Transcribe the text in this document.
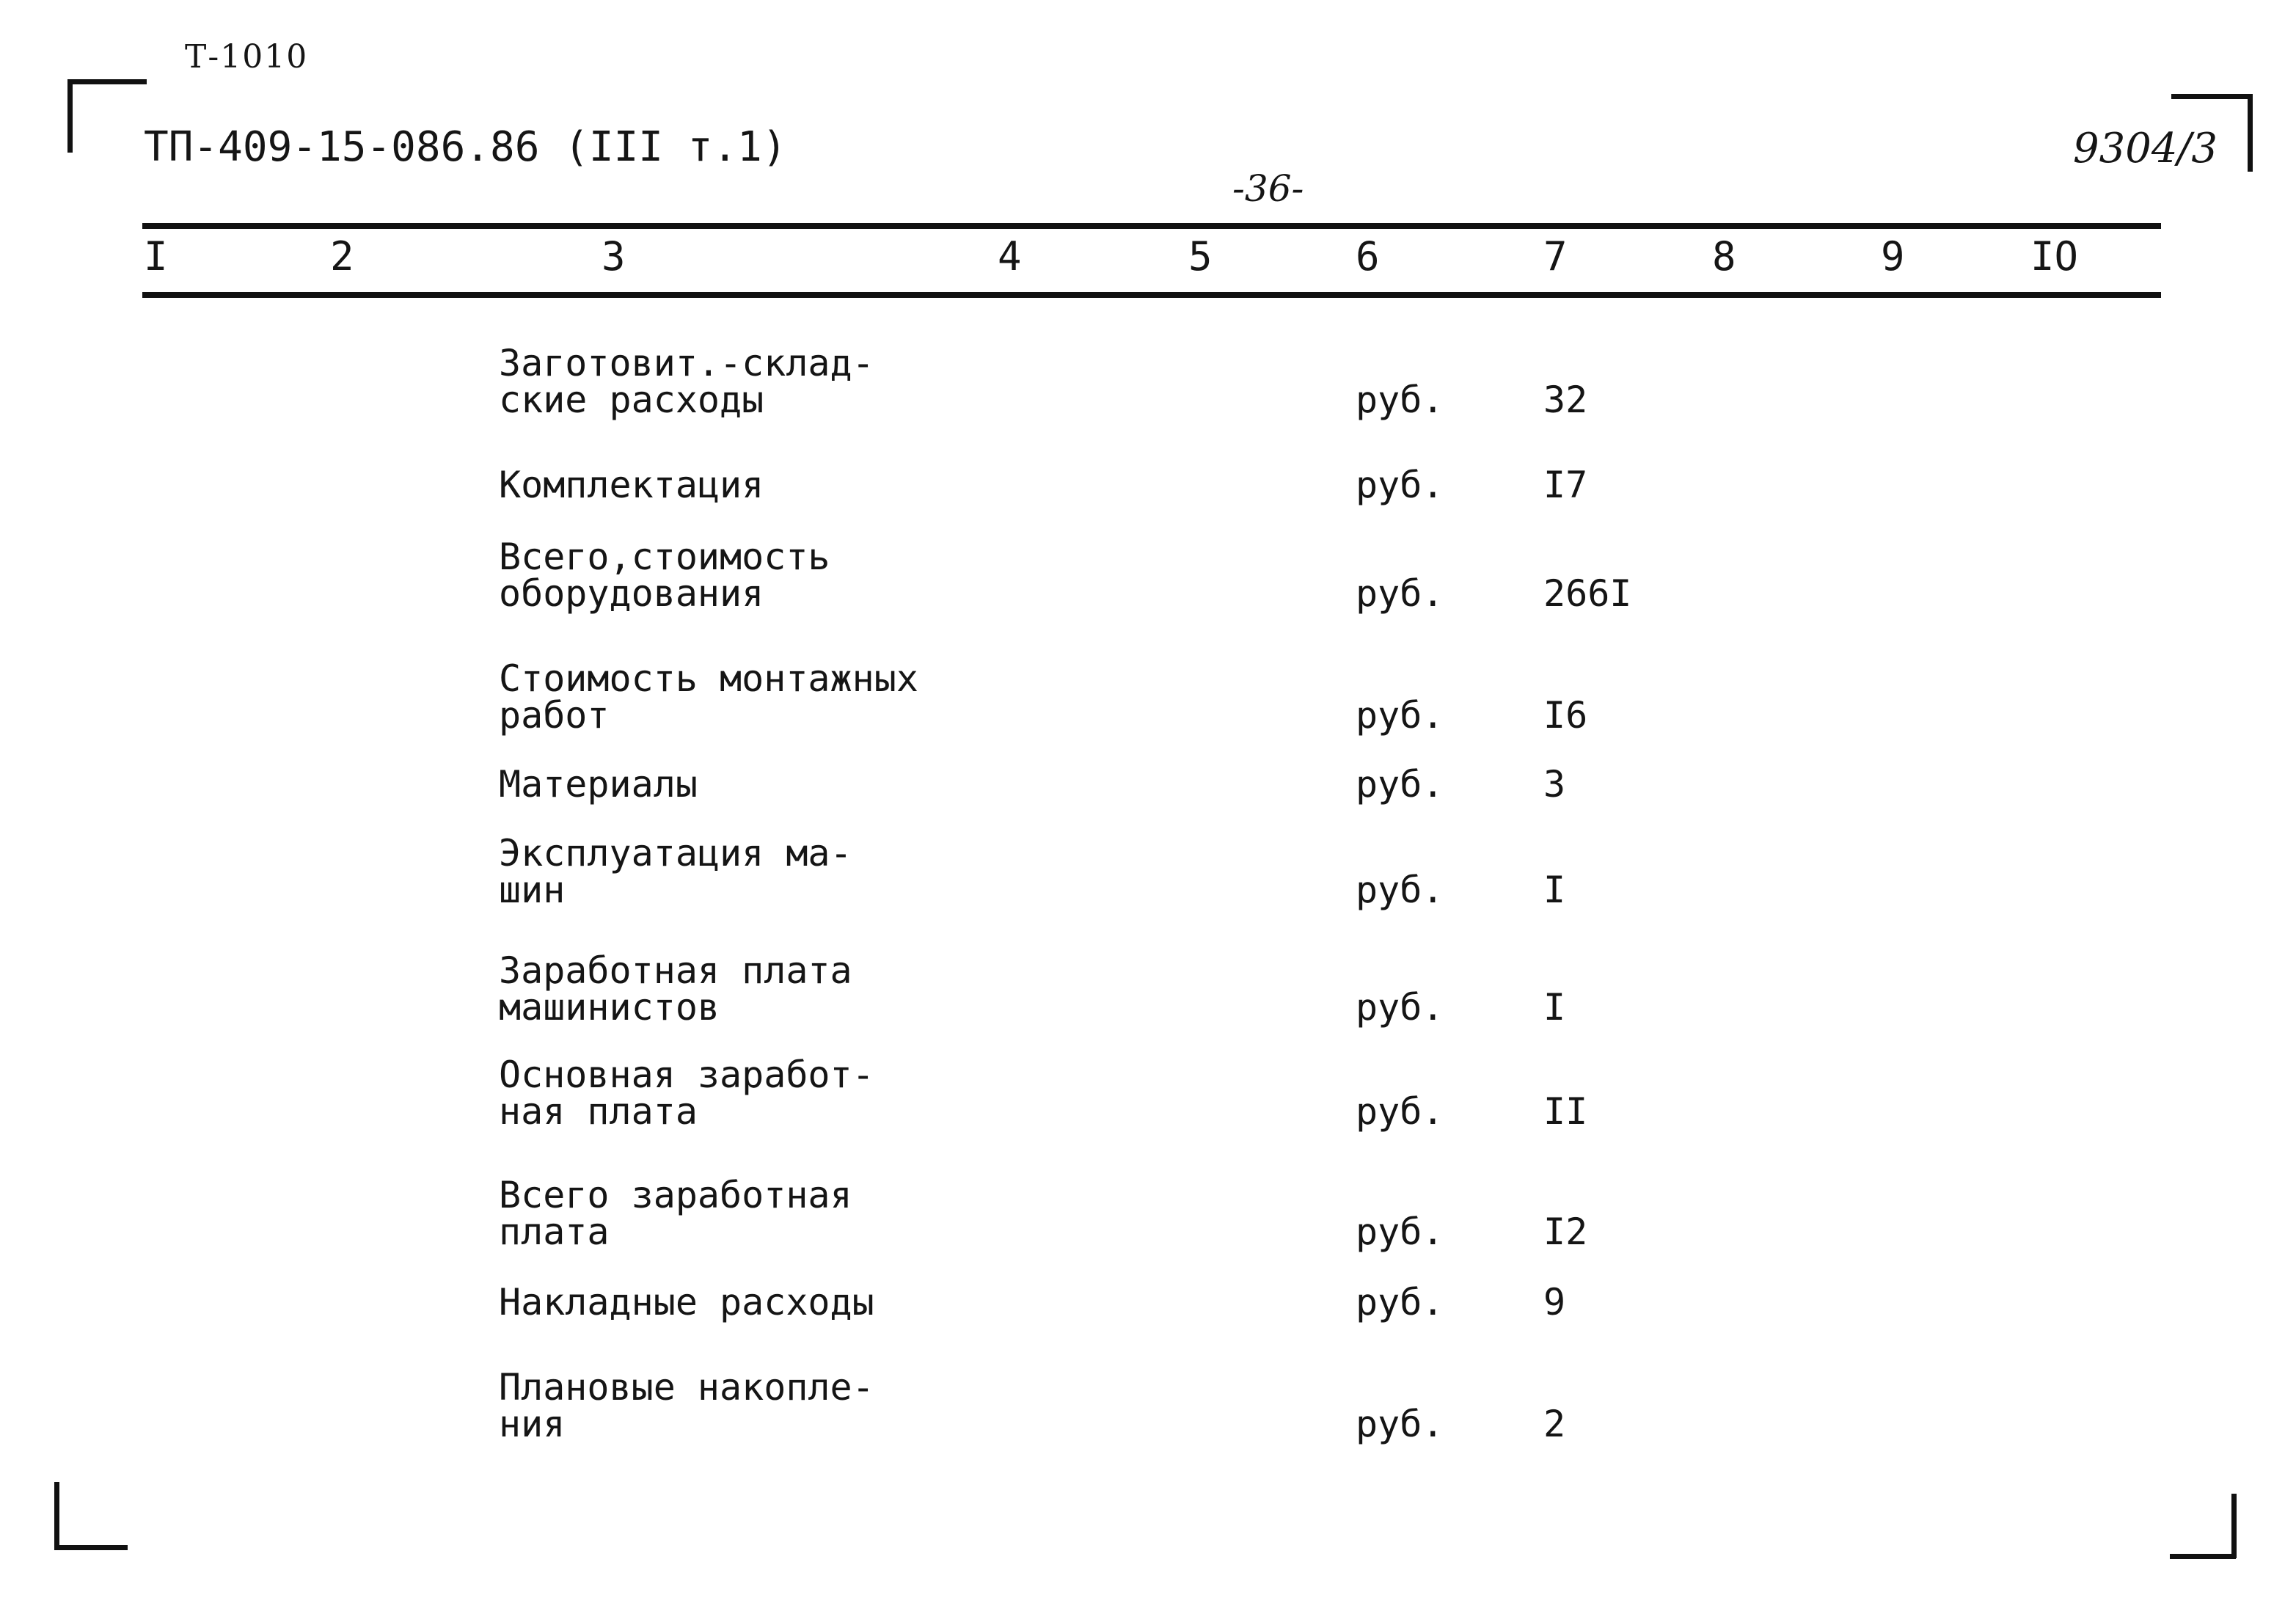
Т-1010
ТП-409-15-086.86 (III т.1)
-36-
9304/3
I	2	3	4	5	6	7	8	9	IO
Заготовит.-склад-
ские расходы	руб.	32
Комплектация	руб.	I7
Всего,стоимость
оборудования	руб.	266I
Стоимость монтажных
работ	руб.	I6
Материалы	руб.	3
Эксплуатация ма-
шин	руб.	I
Заработная плата
машинистов	руб.	I
Основная заработ-
ная плата	руб.	II
Всего заработная
плата	руб.	I2
Накладные расходы	руб.	9
Плановые накопле-
ния	руб.	2
